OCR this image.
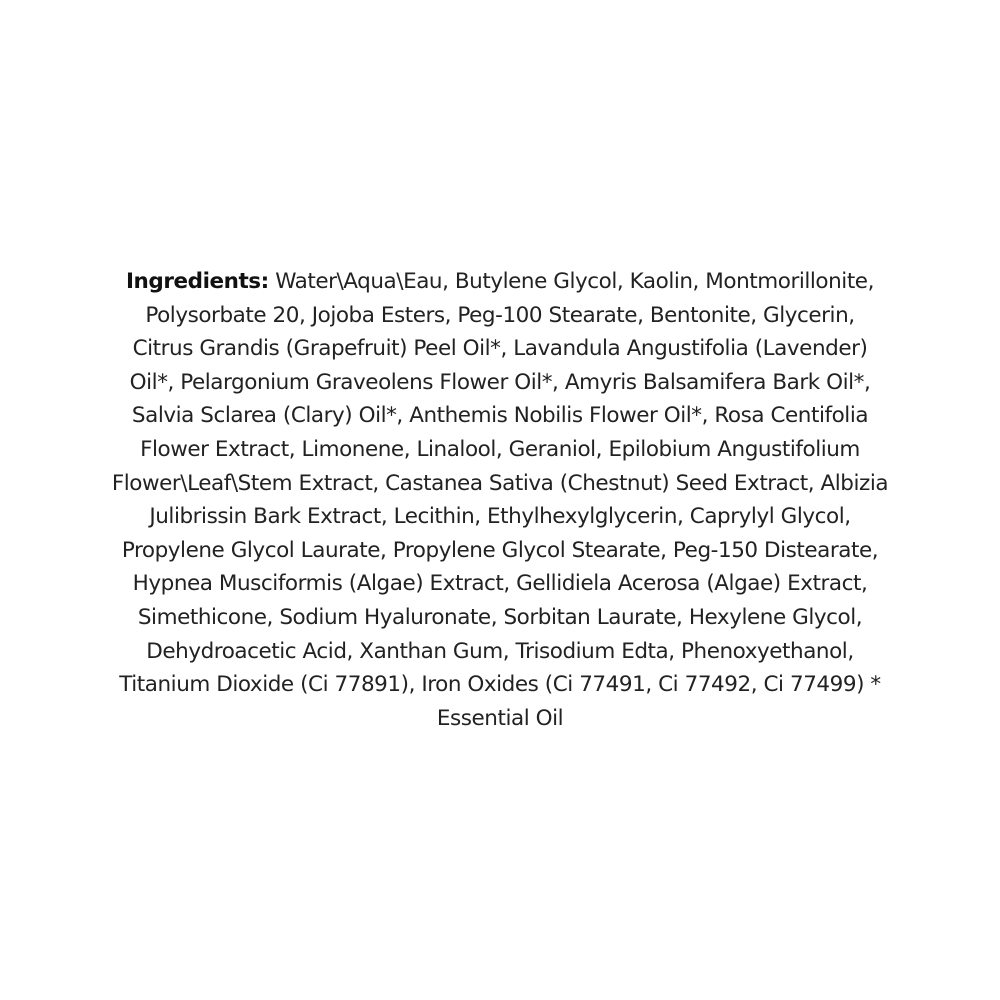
Ingredients: Water\Aqua\Eau, Butylene Glycol, Kaolin, Montmorillonite,
Polysorbate 20, Jojoba Esters, Peg-100 Stearate, Bentonite, Glycerin,
Citrus Grandis (Grapefruit) Peel Oil*, Lavandula Angustifolia (Lavender)
Oil*, Pelargonium Graveolens Flower Oil*, Amyris Balsamifera Bark Oil*,
Salvia Sclarea (Clary) Oil*, Anthemis Nobilis Flower Oil*, Rosa Centifolia
Flower Extract, Limonene, Linalool, Geraniol, Epilobium Angustifolium
Flower\Leaf\Stem Extract, Castanea Sativa (Chestnut) Seed Extract, Albizia
Julibrissin Bark Extract, Lecithin, Ethylhexylglycerin, Caprylyl Glycol,
Propylene Glycol Laurate, Propylene Glycol Stearate, Peg-150 Distearate,
Hypnea Musciformis (Algae) Extract, Gellidiela Acerosa (Algae) Extract,
Simethicone, Sodium Hyaluronate, Sorbitan Laurate, Hexylene Glycol,
Dehydroacetic Acid, Xanthan Gum, Trisodium Edta, Phenoxyethanol,
Titanium Dioxide (Ci 77891), Iron Oxides (Ci 77491, Ci 77492, Ci 77499) *
Essential Oil
